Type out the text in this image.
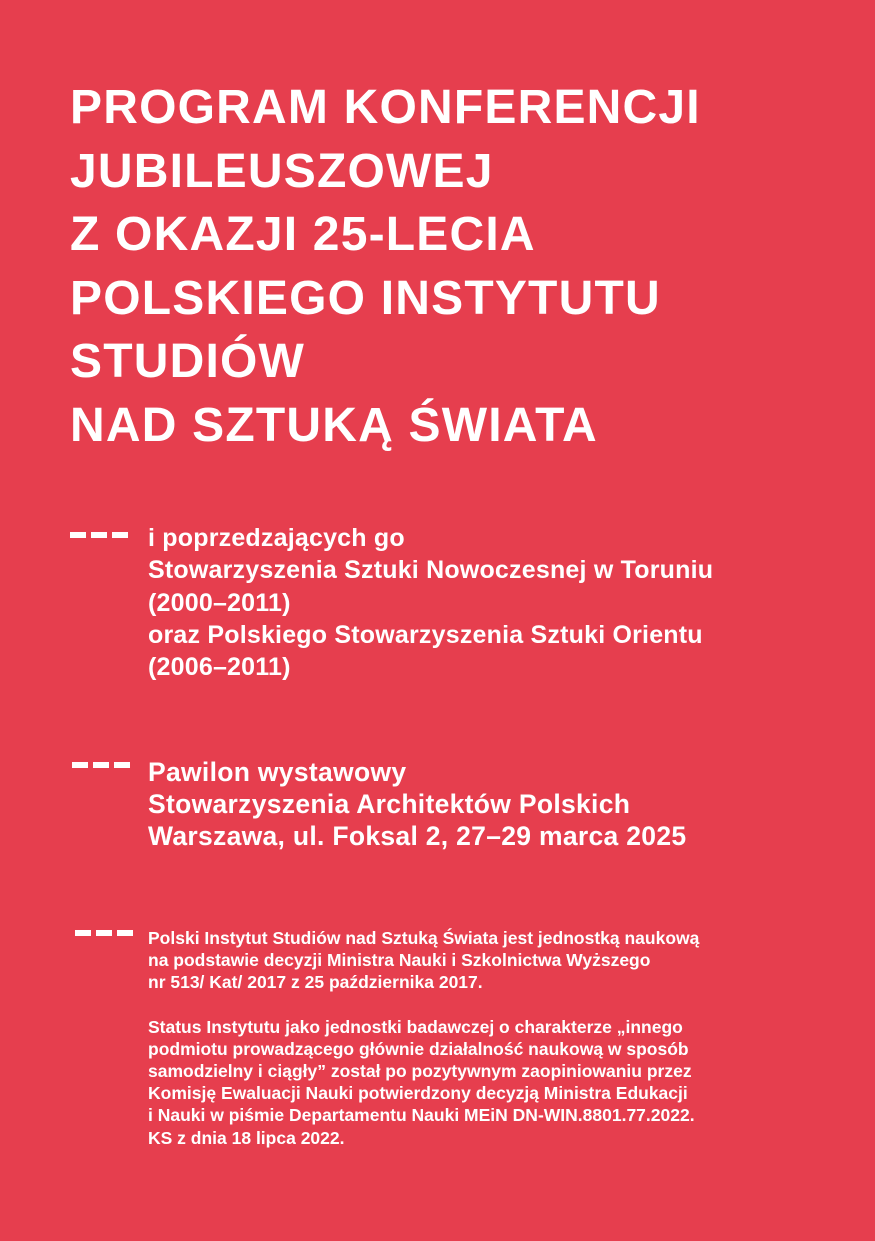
PROGRAM KONFERENCJI
JUBILEUSZOWEJ
Z OKAZJI 25-LECIA
POLSKIEGO INSTYTUTU
STUDIÓW
NAD SZTUKĄ ŚWIATA
i poprzedzających go
Stowarzyszenia Sztuki Nowoczesnej w Toruniu
(2000–2011)
oraz Polskiego Stowarzyszenia Sztuki Orientu
(2006–2011)
Pawilon wystawowy
Stowarzyszenia Architektów Polskich
Warszawa, ul. Foksal 2, 27–29 marca 2025
Polski Instytut Studiów nad Sztuką Świata jest jednostką naukową
na podstawie decyzji Ministra Nauki i Szkolnictwa Wyższego
nr 513/ Kat/ 2017 z 25 października 2017.
Status Instytutu jako jednostki badawczej o charakterze „innego
podmiotu prowadzącego głównie działalność naukową w sposób
samodzielny i ciągły” został po pozytywnym zaopiniowaniu przez
Komisję Ewaluacji Nauki potwierdzony decyzją Ministra Edukacji
i Nauki w piśmie Departamentu Nauki MEiN DN-WIN.8801.77.2022.
KS z dnia 18 lipca 2022.
